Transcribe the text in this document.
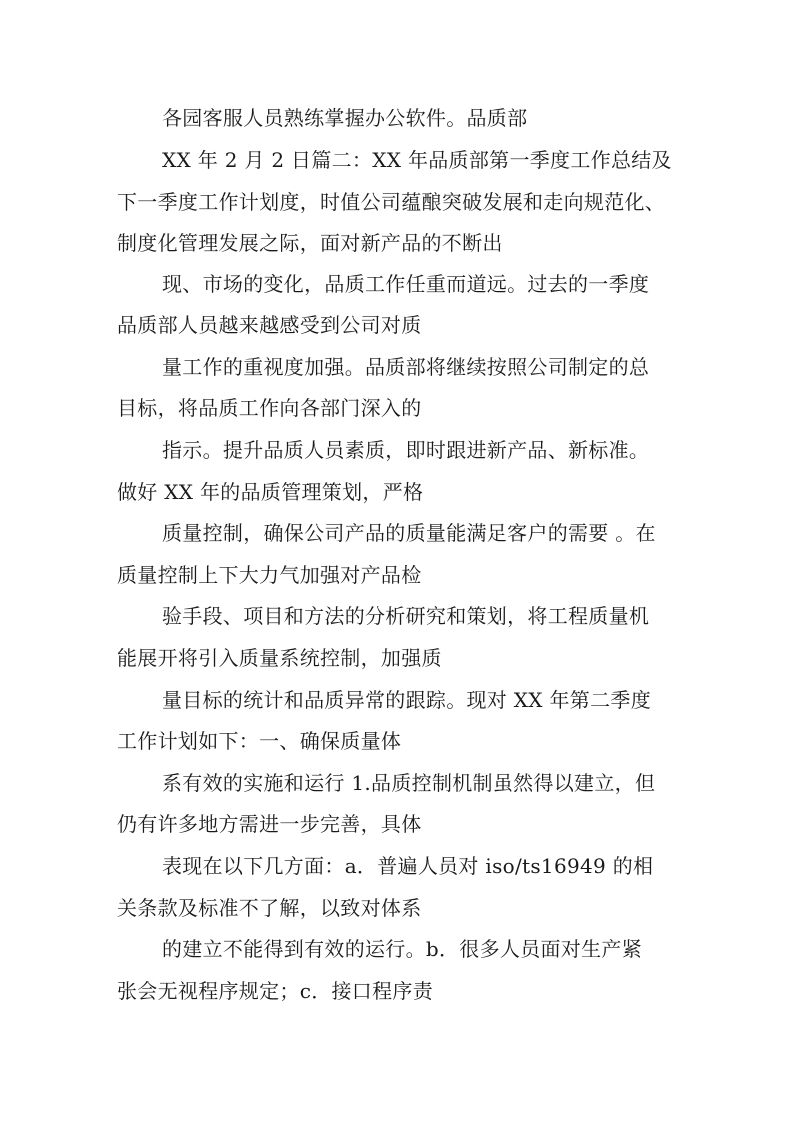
各园客服人员熟练掌握办公软件。品质部
XX 年 2 月 2 日篇二：XX 年品质部第一季度工作总结及
下一季度工作计划度，时值公司蕴酿突破发展和走向规范化、
制度化管理发展之际，面对新产品的不断出
现、市场的变化，品质工作任重而道远。过去的一季度
品质部人员越来越感受到公司对质
量工作的重视度加强。品质部将继续按照公司制定的总
目标，将品质工作向各部门深入的
指示。提升品质人员素质，即时跟进新产品、新标准。
做好 XX 年的品质管理策划，严格
质量控制，确保公司产品的质量能满足客户的需要 。在
质量控制上下大力气加强对产品检
验手段、项目和方法的分析研究和策划，将工程质量机
能展开将引入质量系统控制，加强质
量目标的统计和品质异常的跟踪。现对 XX 年第二季度
工作计划如下：一、确保质量体
系有效的实施和运行 1.品质控制机制虽然得以建立，但
仍有许多地方需进一步完善，具体
表现在以下几方面：a．普遍人员对 iso/ts16949 的相
关条款及标准不了解，以致对体系
的建立不能得到有效的运行。b．很多人员面对生产紧
张会无视程序规定；c．接口程序责
